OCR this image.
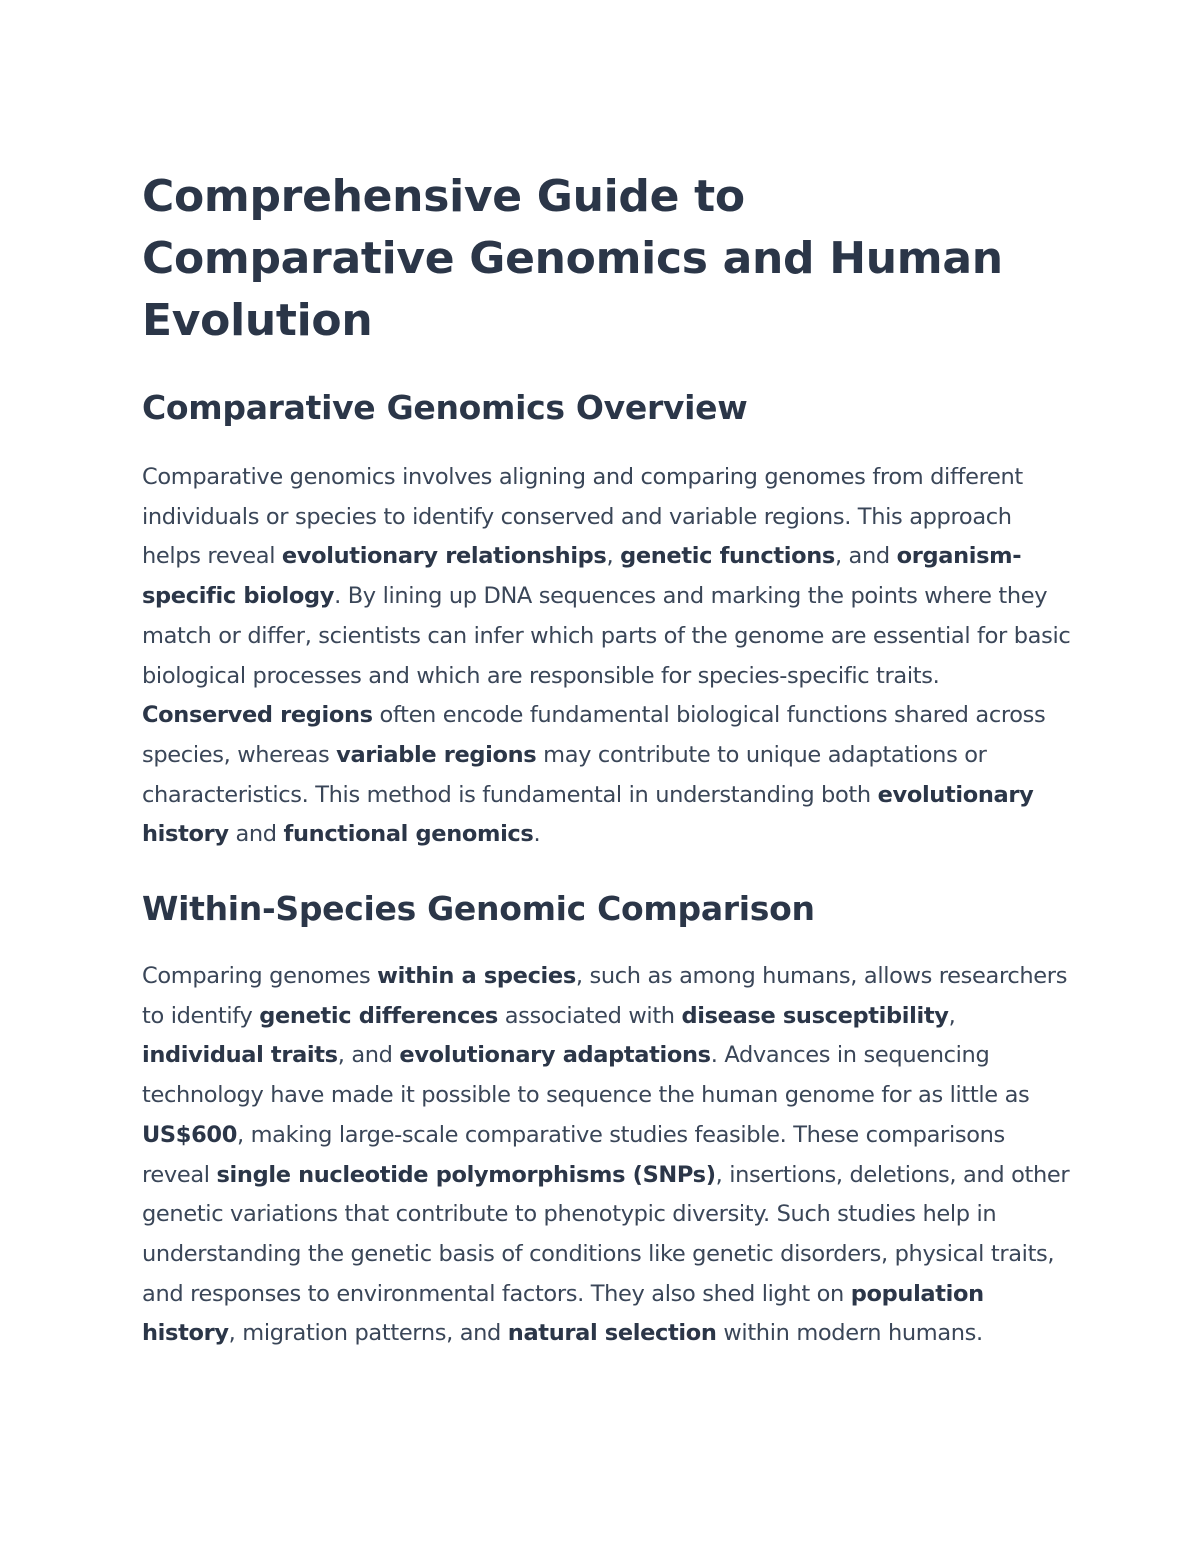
Comprehensive Guide to Comparative Genomics and Human Evolution
Comparative Genomics Overview

Comparative genomics involves aligning and comparing genomes from different individuals or species to identify conserved and variable regions. This approach helps reveal evolutionary relationships, genetic functions, and organism-specific biology. By lining up DNA sequences and marking the points where they match or differ, scientists can infer which parts of the genome are essential for basic biological processes and which are responsible for species-specific traits. Conserved regions often encode fundamental biological functions shared across species, whereas variable regions may contribute to unique adaptations or characteristics. This method is fundamental in understanding both evolutionary history and functional genomics.

Within-Species Genomic Comparison

Comparing genomes within a species, such as among humans, allows researchers to identify genetic differences associated with disease susceptibility, individual traits, and evolutionary adaptations. Advances in sequencing technology have made it possible to sequence the human genome for as little as US$600, making large-scale comparative studies feasible. These comparisons reveal single nucleotide polymorphisms (SNPs), insertions, deletions, and other genetic variations that contribute to phenotypic diversity. Such studies help in understanding the genetic basis of conditions like genetic disorders, physical traits, and responses to environmental factors. They also shed light on population history, migration patterns, and natural selection within modern humans.
